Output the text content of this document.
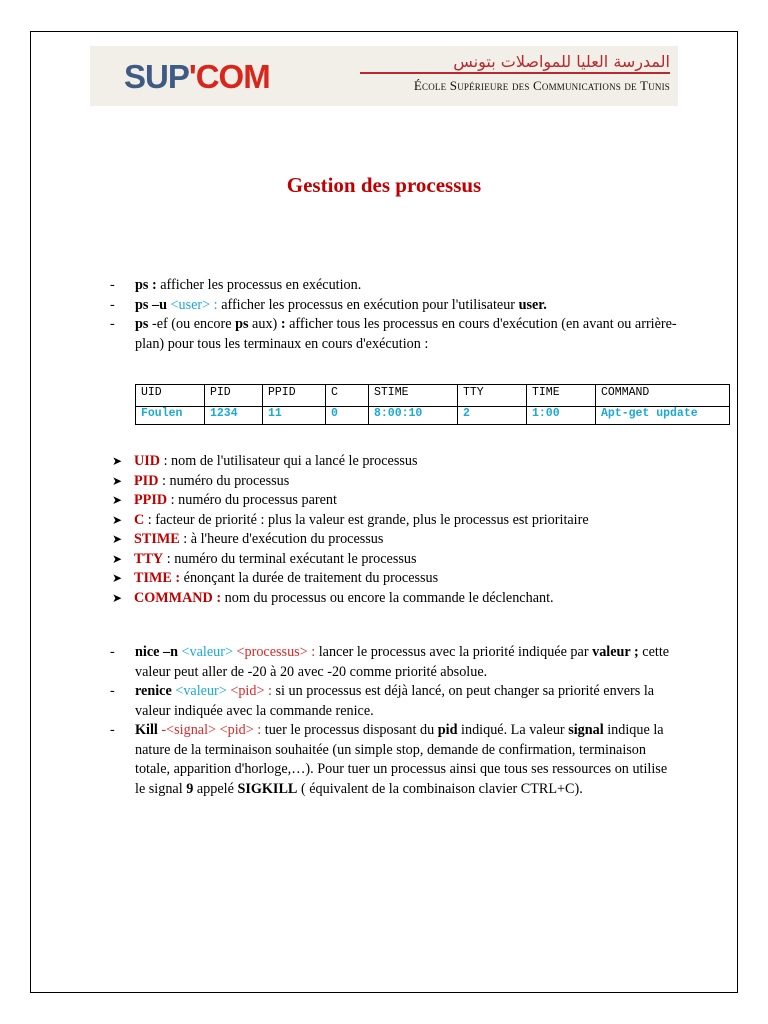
SUP'COM	المدرسة العليا للمواصلات بتونس
École Supérieure des Communications de Tunis
Gestion des processus
- ps : afficher les processus en exécution.
- ps –u <user> : afficher les processus en exécution pour l'utilisateur user.
- ps -ef (ou encore ps aux) : afficher tous les processus en cours d'exécution (en avant ou arrière-plan) pour tous les terminaux en cours d'exécution :
UID	PID	PPID	C	STIME	TTY	TIME	COMMAND
Foulen	1234	11	0	8:00:10	2	1:00	Apt-get update
➤ UID : nom de l'utilisateur qui a lancé le processus
➤ PID : numéro du processus
➤ PPID : numéro du processus parent
➤ C : facteur de priorité : plus la valeur est grande, plus le processus est prioritaire
➤ STIME : à l'heure d'exécution du processus
➤ TTY : numéro du terminal exécutant le processus
➤ TIME : énonçant la durée de traitement du processus
➤ COMMAND : nom du processus ou encore la commande le déclenchant.
- nice –n <valeur> <processus> : lancer le processus avec la priorité indiquée par valeur ; cette valeur peut aller de -20 à 20 avec -20 comme priorité absolue.
- renice <valeur> <pid> : si un processus est déjà lancé, on peut changer sa priorité envers la valeur indiquée avec la commande renice.
- Kill -<signal> <pid> : tuer le processus disposant du pid indiqué. La valeur signal indique la nature de la terminaison souhaitée (un simple stop, demande de confirmation, terminaison totale, apparition d'horloge,…). Pour tuer un processus ainsi que tous ses ressources on utilise le signal 9 appelé SIGKILL ( équivalent de la combinaison clavier CTRL+C).
